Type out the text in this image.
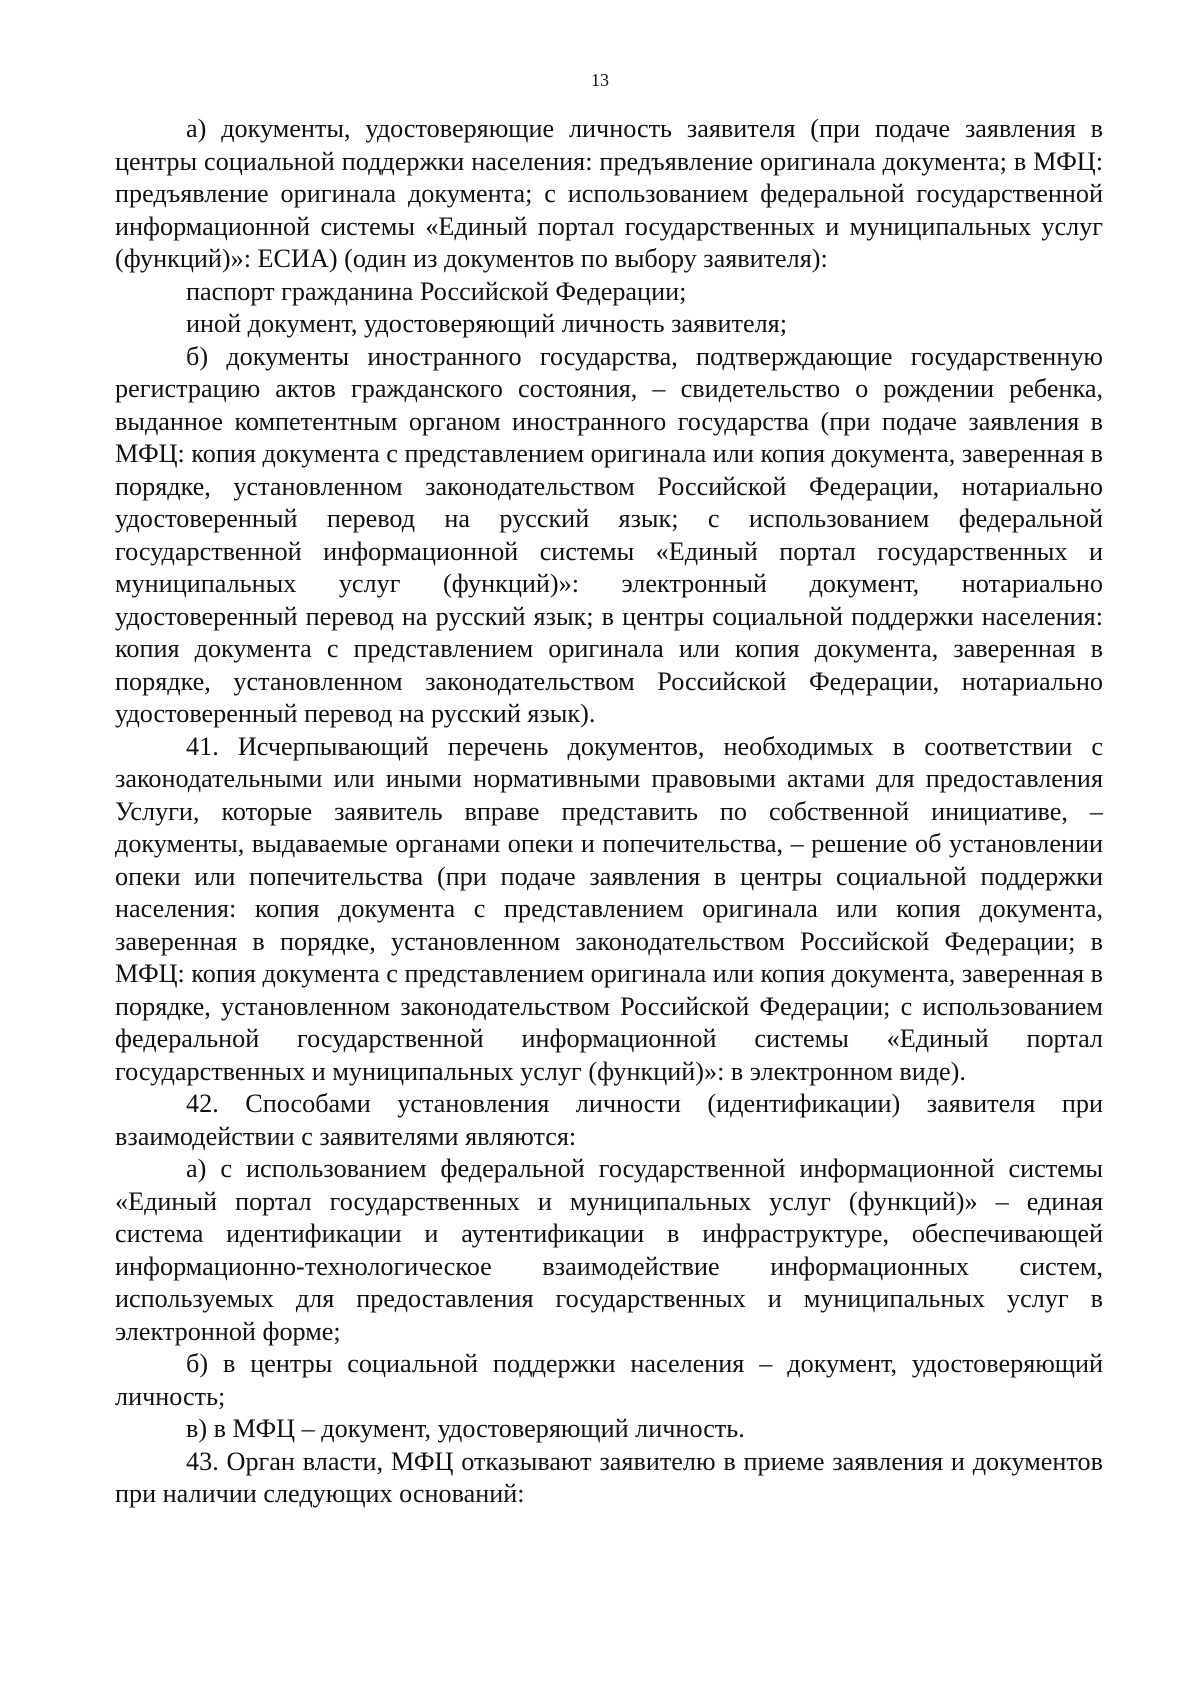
13

а) документы, удостоверяющие личность заявителя (при подаче заявления в центры социальной поддержки населения: предъявление оригинала документа; в МФЦ: предъявление оригинала документа; с использованием федеральной государственной информационной системы «Единый портал государственных и муниципальных услуг (функций)»: ЕСИА) (один из документов по выбору заявителя):

паспорт гражданина Российской Федерации;

иной документ, удостоверяющий личность заявителя;

б) документы иностранного государства, подтверждающие государственную регистрацию актов гражданского состояния, – свидетельство о рождении ребенка, выданное компетентным органом иностранного государства (при подаче заявления в МФЦ: копия документа с представлением оригинала или копия документа, заверенная в порядке, установленном законодательством Российской Федерации, нотариально удостоверенный перевод на русский язык; с использованием федеральной государственной информационной системы «Единый портал государственных и муниципальных услуг (функций)»: электронный документ, нотариально удостоверенный перевод на русский язык; в центры социальной поддержки населения: копия документа с представлением оригинала или копия документа, заверенная в порядке, установленном законодательством Российской Федерации, нотариально удостоверенный перевод на русский язык).

41. Исчерпывающий перечень документов, необходимых в соответствии с законодательными или иными нормативными правовыми актами для предоставления Услуги, которые заявитель вправе представить по собственной инициативе, – документы, выдаваемые органами опеки и попечительства, – решение об установлении опеки или попечительства (при подаче заявления в центры социальной поддержки населения: копия документа с представлением оригинала или копия документа, заверенная в порядке, установленном законодательством Российской Федерации; в МФЦ: копия документа с представлением оригинала или копия документа, заверенная в порядке, установленном законодательством Российской Федерации; с использованием федеральной государственной информационной системы «Единый портал государственных и муниципальных услуг (функций)»: в электронном виде).

42. Способами установления личности (идентификации) заявителя при взаимодействии с заявителями являются:

а) с использованием федеральной государственной информационной системы «Единый портал государственных и муниципальных услуг (функций)» – единая система идентификации и аутентификации в инфраструктуре, обеспечивающей информационно-технологическое взаимодействие информационных систем, используемых для предоставления государственных и муниципальных услуг в электронной форме;

б) в центры социальной поддержки населения – документ, удостоверяющий личность;

в) в МФЦ – документ, удостоверяющий личность.

43. Орган власти, МФЦ отказывают заявителю в приеме заявления и документов при наличии следующих оснований:
